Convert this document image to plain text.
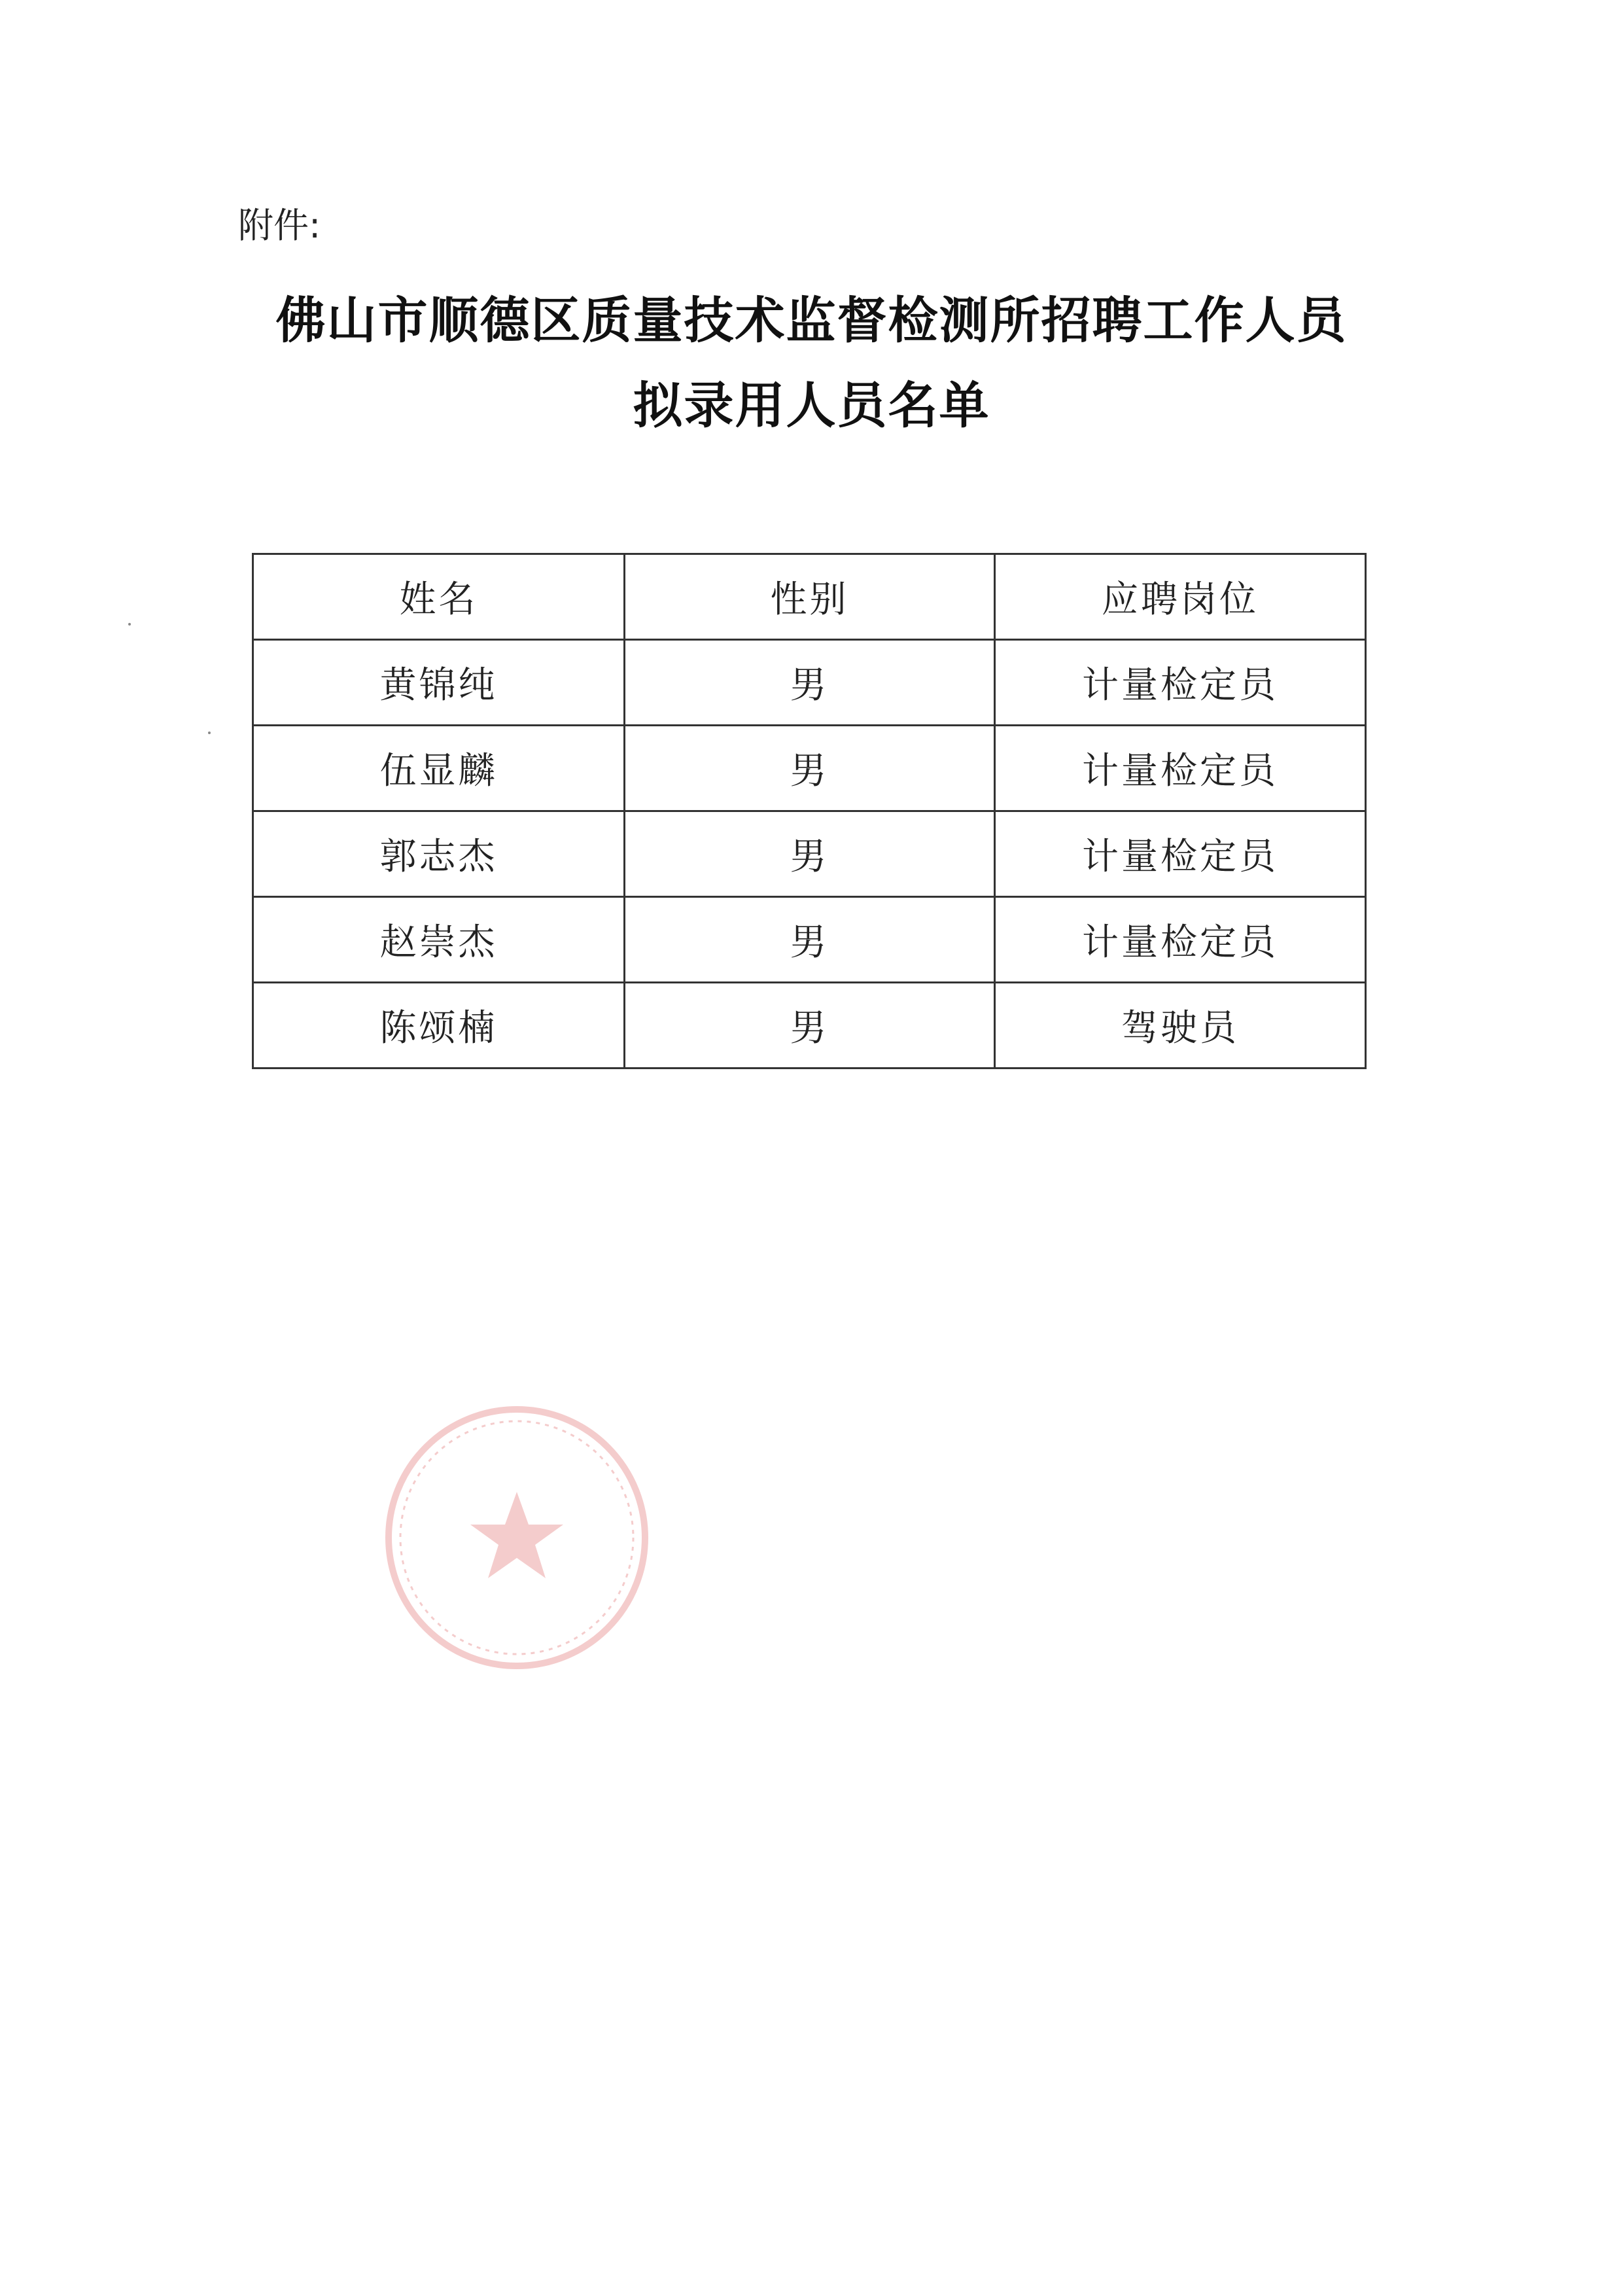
附件:
佛山市顺德区质量技术监督检测所招聘工作人员
拟录用人员名单
姓名	性别	应聘岗位
黄锦纯	男	计量检定员
伍显麟	男	计量检定员
郭志杰	男	计量检定员
赵崇杰	男	计量检定员
陈颂楠	男	驾驶员
